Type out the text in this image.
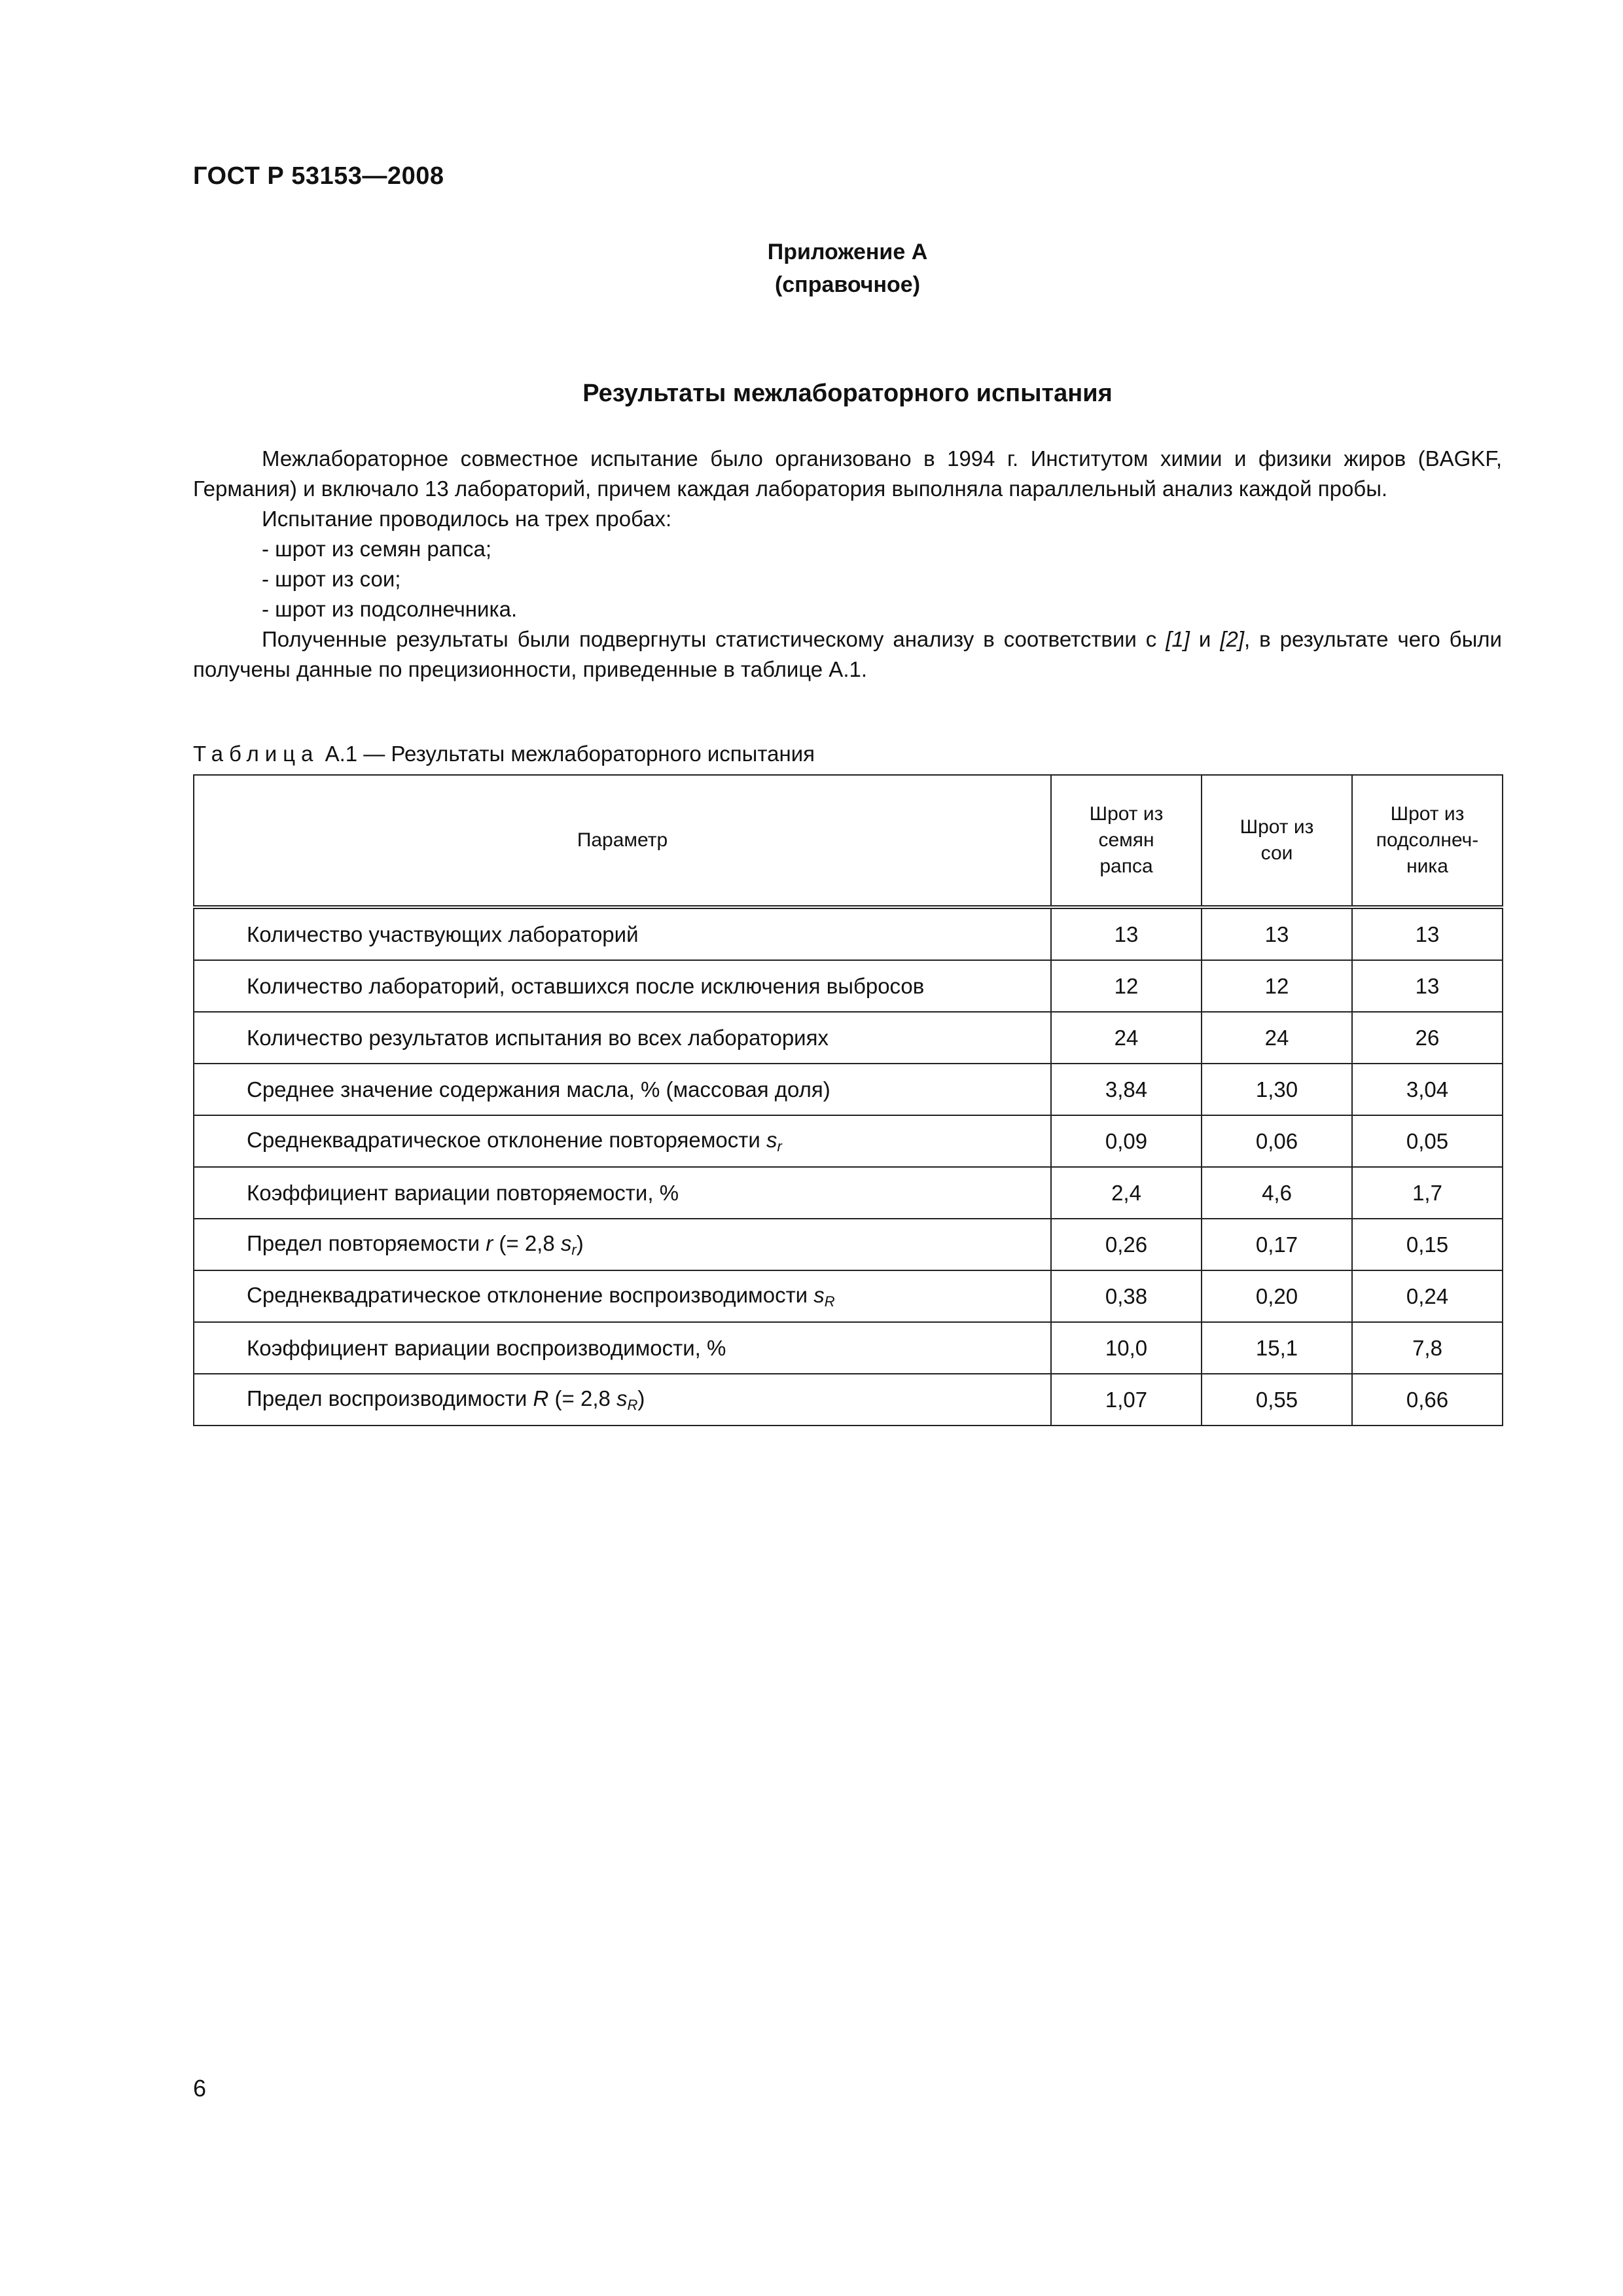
ГОСТ Р 53153—2008
Приложение А
(справочное)
Результаты межлабораторного испытания

Межлабораторное совместное испытание было организовано в 1994 г. Институтом химии и физики жиров (BAGKF, Германия) и включало 13 лабораторий, причем каждая лаборатория выполняла параллельный анализ каждой пробы.

Испытание проводилось на трех пробах:

- шрот из семян рапса;
- шрот из сои;
- шрот из подсолнечника.

Полученные результаты были подвергнуты статистическому анализу в соответствии с [1] и [2], в результате чего были получены данные по прецизионности, приведенные в таблице А.1.

Таблица А.1 — Результаты межлабораторного испытания
Параметр	Шрот из семян рапса	Шрот из сои	Шрот из подсолнеч-ника
Количество участвующих лабораторий	13	13	13
Количество лабораторий, оставшихся после исключения выбросов	12	12	13
Количество результатов испытания во всех лабораториях	24	24	26
Среднее значение содержания масла, % (массовая доля)	3,84	1,30	3,04
Среднеквадратическое отклонение повторяемости $s_r$	0,09	0,06	0,05
Коэффициент вариации повторяемости, %	2,4	4,6	1,7
Предел повторяемости r (= 2,8 $s_r$)	0,26	0,17	0,15
Среднеквадратическое отклонение воспроизводимости $s_R$	0,38	0,20	0,24
Коэффициент вариации воспроизводимости, %	10,0	15,1	7,8
Предел воспроизводимости R (= 2,8 $s_R$)	1,07	0,55	0,66
6
